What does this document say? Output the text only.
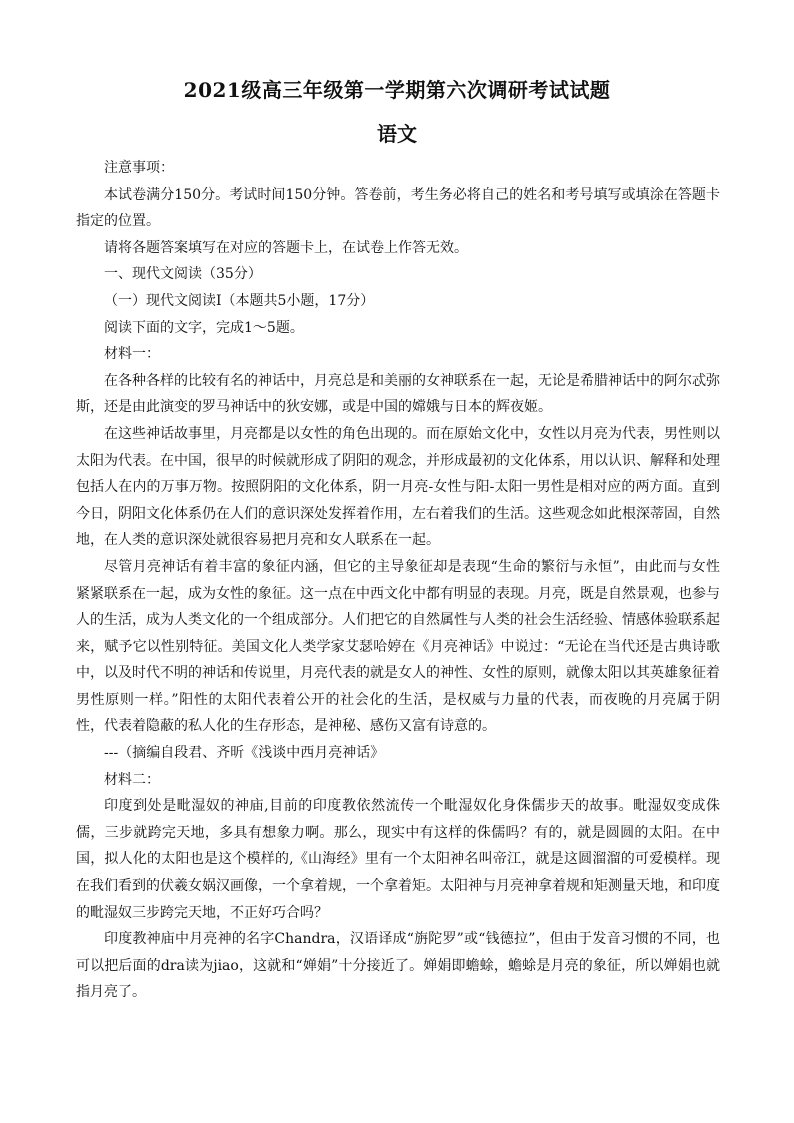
2021级高三年级第一学期第六次调研考试试题
语文

注意事项：

本试卷满分150分。考试时间150分钟。答卷前，考生务必将自己的姓名和考号填写或填涂在答题卡指定的位置。

请将各题答案填写在对应的答题卡上，在试卷上作答无效。

一、现代文阅读（35分）

（一）现代文阅读Ⅰ（本题共5小题，17分）

阅读下面的文字，完成1～5题。

材料一：

在各种各样的比较有名的神话中，月亮总是和美丽的女神联系在一起，无论是希腊神话中的阿尔忒弥斯，还是由此演变的罗马神话中的狄安娜，或是中国的嫦娥与日本的辉夜姬。

在这些神话故事里，月亮都是以女性的角色出现的。而在原始文化中，女性以月亮为代表，男性则以太阳为代表。在中国，很早的时候就形成了阴阳的观念，并形成最初的文化体系，用以认识、解释和处理包括人在内的万事万物。按照阴阳的文化体系，阴一月亮-女性与阳-太阳一男性是相对应的两方面。直到今日，阴阳文化体系仍在人们的意识深处发挥着作用，左右着我们的生活。这些观念如此根深蒂固，自然地，在人类的意识深处就很容易把月亮和女人联系在一起。

尽管月亮神话有着丰富的象征内涵，但它的主导象征却是表现“生命的繁衍与永恒”，由此而与女性紧紧联系在一起，成为女性的象征。这一点在中西文化中都有明显的表现。月亮，既是自然景观，也参与人的生活，成为人类文化的一个组成部分。人们把它的自然属性与人类的社会生活经验、情感体验联系起来，赋予它以性别特征。美国文化人类学家艾瑟哈婷在《月亮神话》中说过：“无论在当代还是古典诗歌中，以及时代不明的神话和传说里，月亮代表的就是女人的神性、女性的原则，就像太阳以其英雄象征着男性原则一样。”阳性的太阳代表着公开的社会化的生活，是权威与力量的代表，而夜晚的月亮属于阴性，代表着隐蔽的私人化的生存形态，是神秘、感伤又富有诗意的。

---（摘编自段君、齐昕《浅谈中西月亮神话》

材料二：

印度到处是毗湿奴的神庙,目前的印度教依然流传一个毗湿奴化身侏儒步天的故事。毗湿奴变成侏儒，三步就跨完天地，多具有想象力啊。那么，现实中有这样的侏儒吗？有的，就是圆圆的太阳。在中国，拟人化的太阳也是这个模样的,《山海经》里有一个太阳神名叫帝江，就是这圆溜溜的可爱模样。现在我们看到的伏羲女娲汉画像，一个拿着规，一个拿着矩。太阳神与月亮神拿着规和矩测量天地，和印度的毗湿奴三步跨完天地，不正好巧合吗？

印度教神庙中月亮神的名字Chandra，汉语译成“旃陀罗”或“钱德拉”，但由于发音习惯的不同，也可以把后面的dra读为jiao，这就和“婵娟”十分接近了。婵娟即蟾蜍，蟾蜍是月亮的象征，所以婵娟也就指月亮了。
